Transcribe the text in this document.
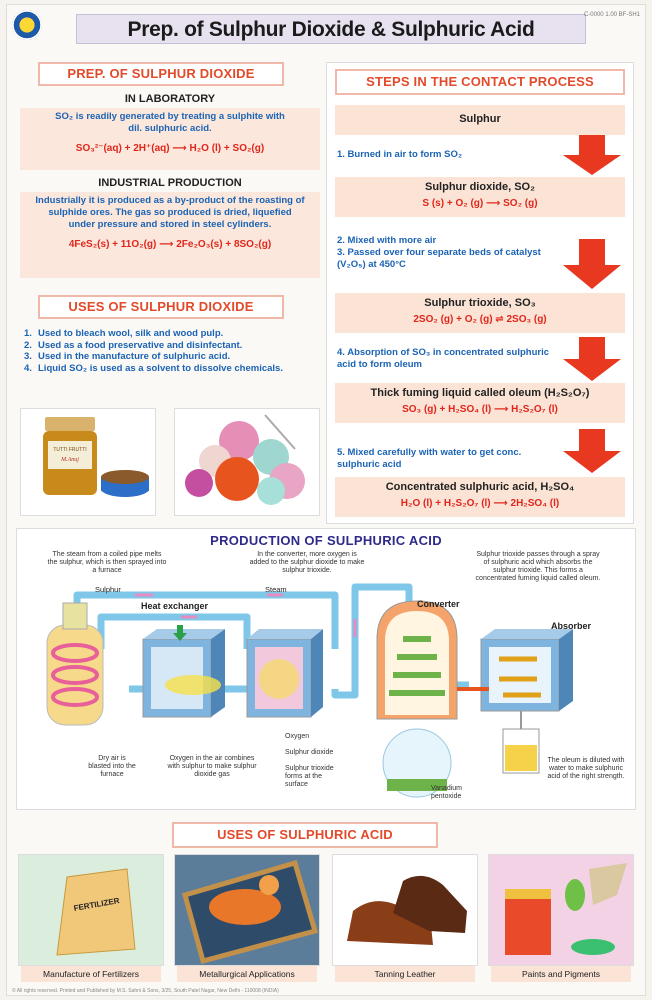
Prep. of Sulphur Dioxide & Sulphuric Acid
C-0000 1.00 BF-SH1
PREP. OF SULPHUR DIOXIDE
IN LABORATORY
SO₂ is readily generated by treating a sulphite with dil. sulphuric acid.
SO₃²⁻(aq) + 2H⁺(aq) ⟶ H₂O (l) + SO₂(g)
INDUSTRIAL PRODUCTION
Industrially it is produced as a by-product of the roasting of sulphide ores. The gas so produced is dried, liquefied under pressure and stored in steel cylinders.
4FeS₂(s) + 11O₂(g) ⟶ 2Fe₂O₃(s) + 8SO₂(g)
USES OF SULPHUR DIOXIDE
1. Used to bleach wool, silk and wood pulp.
2. Used as a food preservative and disinfectant.
3. Used in the manufacture of sulphuric acid.
4. Liquid SO₂ is used as a solvent to dissolve chemicals.
TUTTI FRUTTI
M.Anuj
STEPS IN THE CONTACT PROCESS
Sulphur
1. Burned in air to form SO₂
Sulphur dioxide, SO₂
S (s) + O₂ (g) ⟶ SO₂ (g)
2. Mixed with more air
3. Passed over four separate beds of catalyst (V₂O₅) at 450°C
Sulphur trioxide, SO₃
2SO₂ (g) + O₂ (g) ⇌ 2SO₃ (g)
4. Absorption of SO₃ in concentrated sulphuric acid to form oleum
Thick fuming liquid called oleum (H₂S₂O₇)
SO₃ (g) + H₂SO₄ (l) ⟶ H₂S₂O₇ (l)
5. Mixed carefully with water to get conc. sulphuric acid
Concentrated sulphuric acid, H₂SO₄
H₂O (l) + H₂S₂O₇ (l) ⟶ 2H₂SO₄ (l)
PRODUCTION OF SULPHURIC ACID
The steam from a coiled pipe melts the sulphur, which is then sprayed into a furnace
In the converter, more oxygen is added to the sulphur dioxide to make sulphur trioxide.
Sulphur trioxide passes through a spray of sulphuric acid which absorbs the sulphur trioxide. This forms a concentrated fuming liquid called oleum.
Sulphur
Heat exchanger
Steam
Converter
Absorber
Oxygen
Sulphur dioxide
Sulphur trioxide forms at the surface
Vanadium pentoxide
Dry air is blasted into the furnace
Oxygen in the air combines with sulphur to make sulphur dioxide gas
The oleum is diluted with water to make sulphuric acid of the right strength.
USES OF SULPHURIC ACID
FERTILIZER
Manufacture of Fertilizers	Metallurgical Applications	Tanning Leather	Paints and Pigments
© All rights reserved. Printed and Published by M.S. Sahni & Sons, 3/25, South Patel Nagar, New Delhi - 110008 (INDIA)
